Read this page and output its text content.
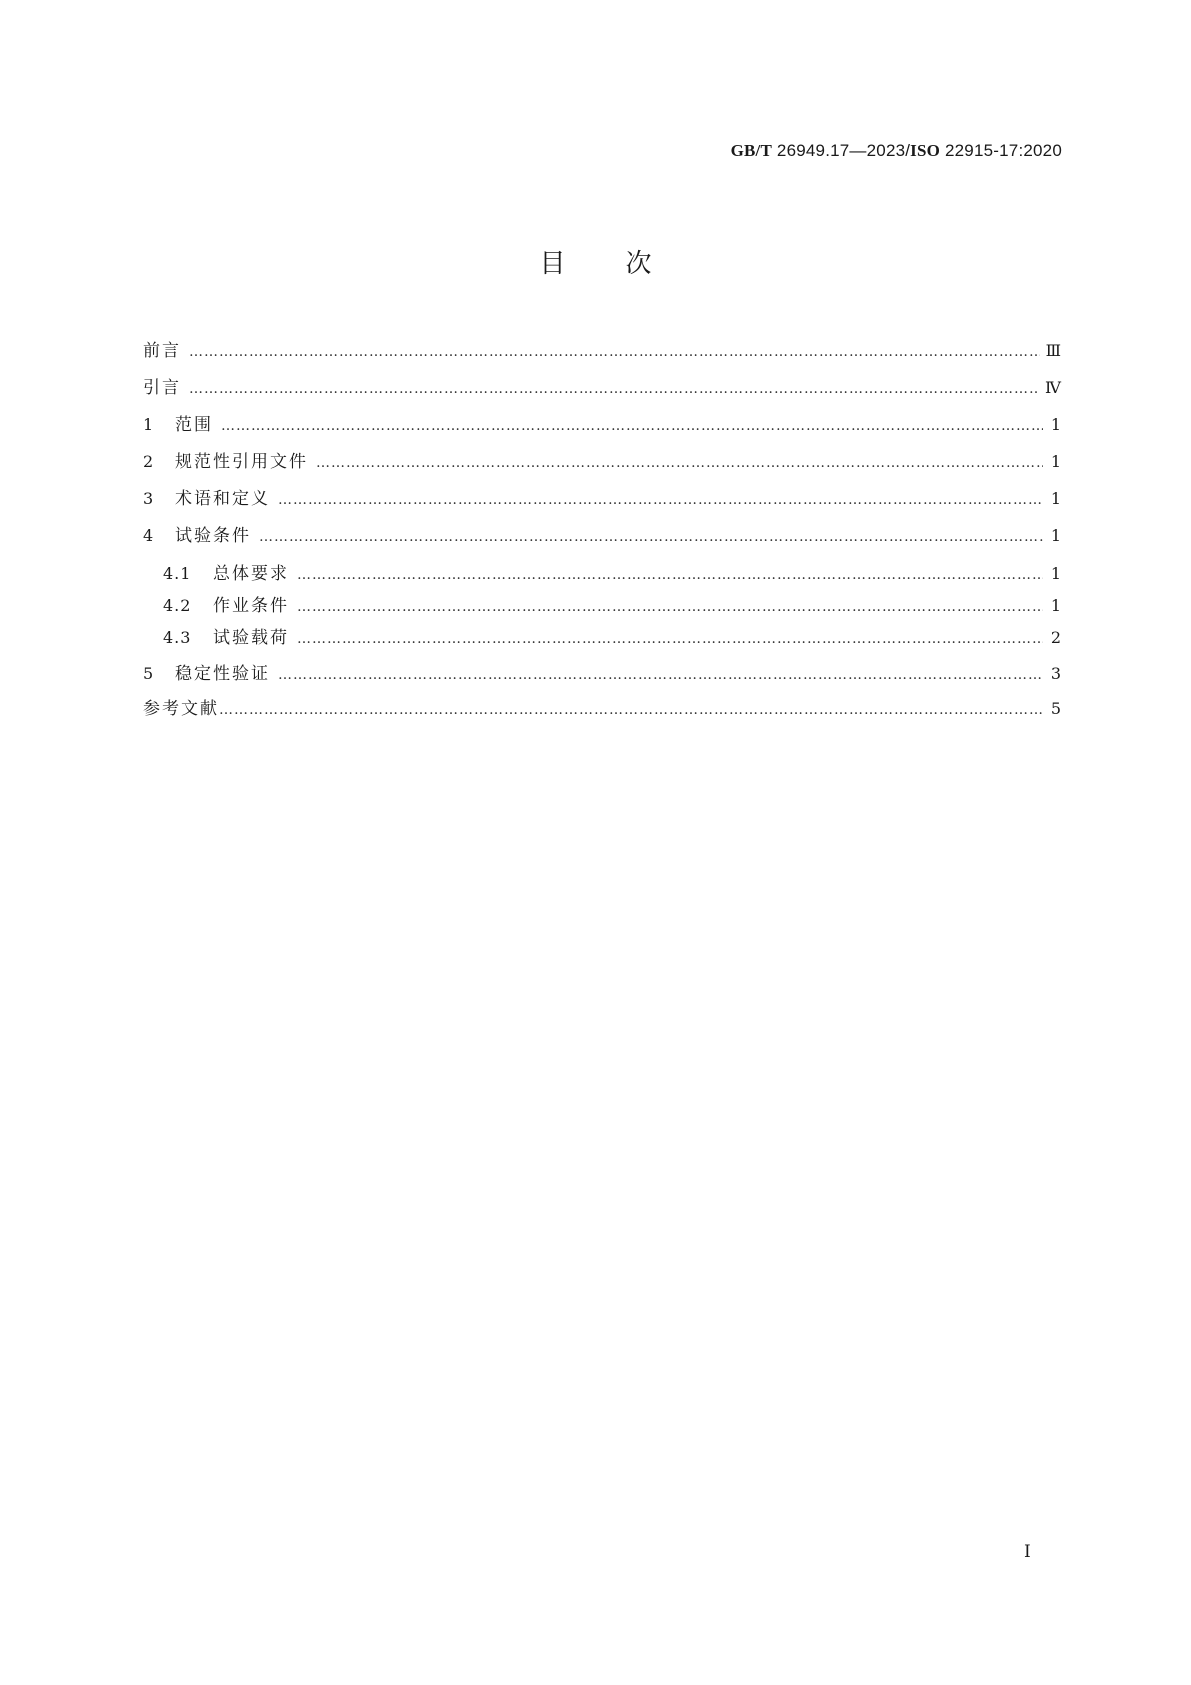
GB/T 26949.17—2023/ISO 22915-17:2020
目次
前言 …………………………………………………………………………………………………………………………………………………………………………………………………………	Ⅲ
引言 …………………………………………………………………………………………………………………………………………………………………………………………………………	Ⅳ
1	范围 …………………………………………………………………………………………………………………………………………………………………………………………………………	1
2	规范性引用文件 …………………………………………………………………………………………………………………………………………………………………………………………………………	1
3	术语和定义 …………………………………………………………………………………………………………………………………………………………………………………………………………	1
4	试验条件 …………………………………………………………………………………………………………………………………………………………………………………………………………	1
4.1	总体要求 …………………………………………………………………………………………………………………………………………………………………………………………………………	1
4.2	作业条件 …………………………………………………………………………………………………………………………………………………………………………………………………………	1
4.3	试验载荷 …………………………………………………………………………………………………………………………………………………………………………………………………………	2
5	稳定性验证 …………………………………………………………………………………………………………………………………………………………………………………………………………	3
参考文献 …………………………………………………………………………………………………………………………………………………………………………………………………………	5
Ⅰ
